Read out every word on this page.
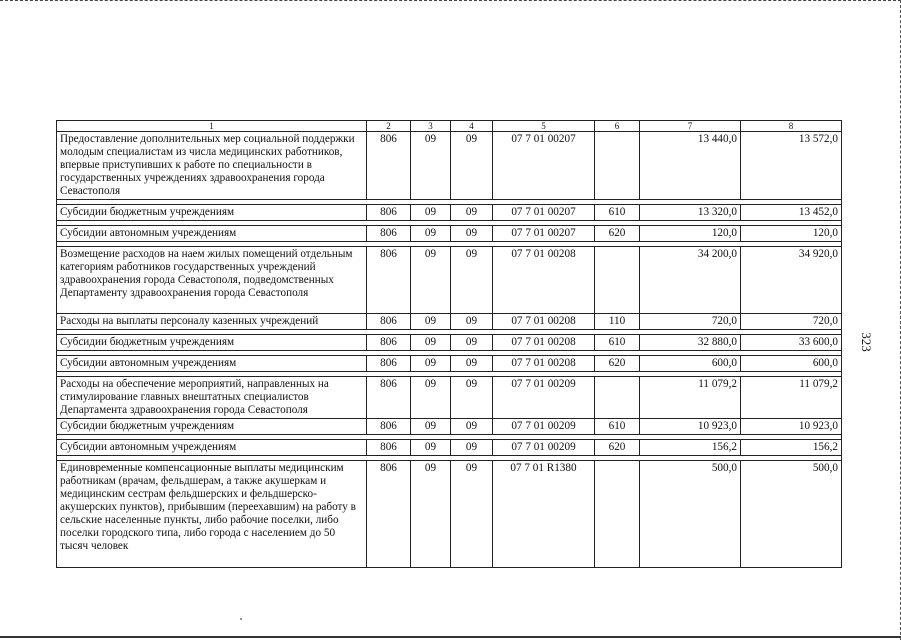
323
1	2	3	4	5	6	7	8
Предоставление дополнительных мер социальной поддержки молодым специалистам из числа медицинских работников, впервые приступивших к работе по специальности в государственных учреждениях здравоохранения города Севастополя	806	09	09	07 7 01 00207		13 440,0	13 572,0

Субсидии бюджетным учреждениям	806	09	09	07 7 01 00207	610	13 320,0	13 452,0

Субсидии автономным учреждениям	806	09	09	07 7 01 00207	620	120,0	120,0

Возмещение расходов на наем жилых помещений отдельным категориям работников государственных учреждений здравоохранения города Севастополя, подведомственных Департаменту здравоохранения города Севастополя	806	09	09	07 7 01 00208		34 200,0	34 920,0
Расходы на выплаты персоналу казенных учреждений	806	09	09	07 7 01 00208	110	720,0	720,0

Субсидии бюджетным учреждениям	806	09	09	07 7 01 00208	610	32 880,0	33 600,0

Субсидии автономным учреждениям	806	09	09	07 7 01 00208	620	600,0	600,0

Расходы на обеспечение мероприятий, направленных на стимулирование главных внештатных специалистов Департамента здравоохранения города Севастополя	806	09	09	07 7 01 00209		11 079,2	11 079,2
Субсидии бюджетным учреждениям	806	09	09	07 7 01 00209	610	10 923,0	10 923,0

Субсидии автономным учреждениям	806	09	09	07 7 01 00209	620	156,2	156,2

Единовременные компенсационные выплаты медицинским работникам (врачам, фельдшерам, а также акушеркам и медицинским сестрам фельдшерских и фельдшерско-акушерских пунктов), прибывшим (переехавшим) на работу в сельские населенные пункты, либо рабочие поселки, либо поселки городского типа, либо города с населением до 50 тысяч человек	806	09	09	07 7 01 R1380		500,0	500,0
